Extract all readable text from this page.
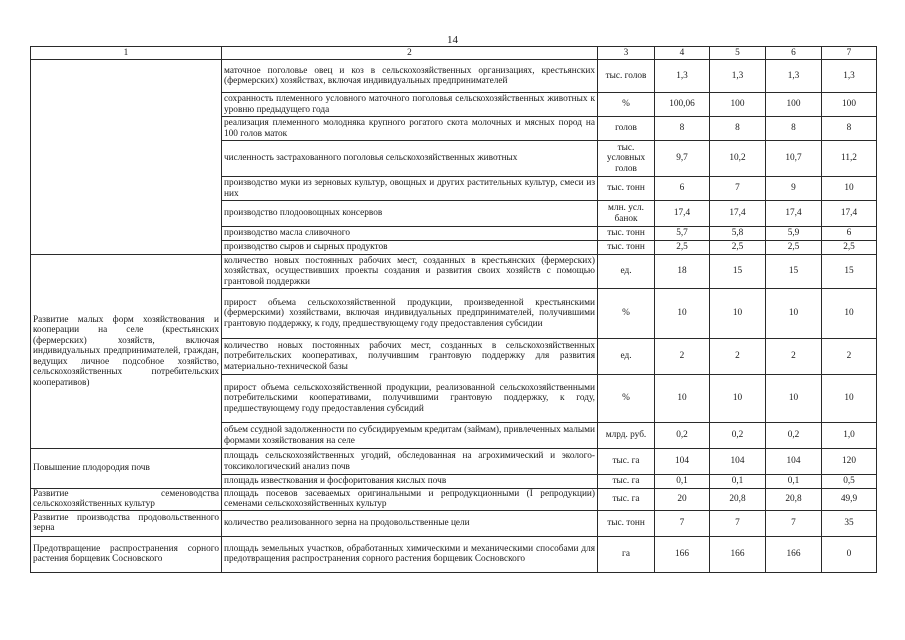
14
1	2	3	4	5	6	7
	маточное поголовье овец и коз в сельскохозяйственных организациях, крестьянских (фермерских) хозяйствах, включая индивидуальных предпринимателей	тыс. голов	1,3	1,3	1,3	1,3
	сохранность племенного условного маточного поголовья сельскохозяйственных животных к уровню предыдущего года	%	100,06	100	100	100
	реализация племенного молодняка крупного рогатого скота молочных и мясных пород на 100 голов маток	голов	8	8	8	8
	численность застрахованного поголовья сельскохозяйственных животных	тыс. условных голов	9,7	10,2	10,7	11,2
	производство муки из зерновых культур, овощных и других растительных культур, смеси из них	тыс. тонн	6	7	9	10
	производство плодоовощных консервов	млн. усл. банок	17,4	17,4	17,4	17,4
	производство масла сливочного	тыс. тонн	5,7	5,8	5,9	6
	производство сыров и сырных продуктов	тыс. тонн	2,5	2,5	2,5	2,5
Развитие малых форм хозяйствования и кооперации на селе (крестьянских (фермерских) хозяйств, включая индивидуальных предпринимателей, граждан, ведущих личное подсобное хозяйство, сельскохозяйственных потребительских кооперативов)	количество новых постоянных рабочих мест, созданных в крестьянских (фермерских) хозяйствах, осуществивших проекты создания и развития своих хозяйств с помощью грантовой поддержки	ед.	18	15	15	15
	прирост объема сельскохозяйственной продукции, произведенной крестьянскими (фермерскими) хозяйствами, включая индивидуальных предпринимателей, получившими грантовую поддержку, к году, предшествующему году предоставления субсидии	%	10	10	10	10
	количество новых постоянных рабочих мест, созданных в сельскохозяйственных потребительских кооперативах, получившим грантовую поддержку для развития материально-технической базы	ед.	2	2	2	2
	прирост объема сельскохозяйственной продукции, реализованной сельскохозяйственными потребительскими кооперативами, получившими грантовую поддержку, к году, предшествующему году предоставления субсидий	%	10	10	10	10
	объем ссудной задолженности по субсидируемым кредитам (займам), привлеченных малыми формами хозяйствования на селе	млрд. руб.	0,2	0,2	0,2	1,0
Повышение плодородия почв	площадь сельскохозяйственных угодий, обследованная на агрохимический и эколого-токсикологический анализ почв	тыс. га	104	104	104	120
	площадь известкования и фосфоритования кислых почв	тыс. га	0,1	0,1	0,1	0,5
Развитие семеноводства сельскохозяйственных культур	площадь посевов засеваемых оригинальными и репродукционными (I репродукции) семенами сельскохозяйственных культур	тыс. га	20	20,8	20,8	49,9
Развитие производства продовольственного зерна	количество реализованного зерна на продовольственные цели	тыс. тонн	7	7	7	35
Предотвращение распространения сорного растения борщевик Сосновского	площадь земельных участков, обработанных химическими и механическими способами для предотвращения распространения сорного растения борщевик Сосновского	га	166	166	166	0
